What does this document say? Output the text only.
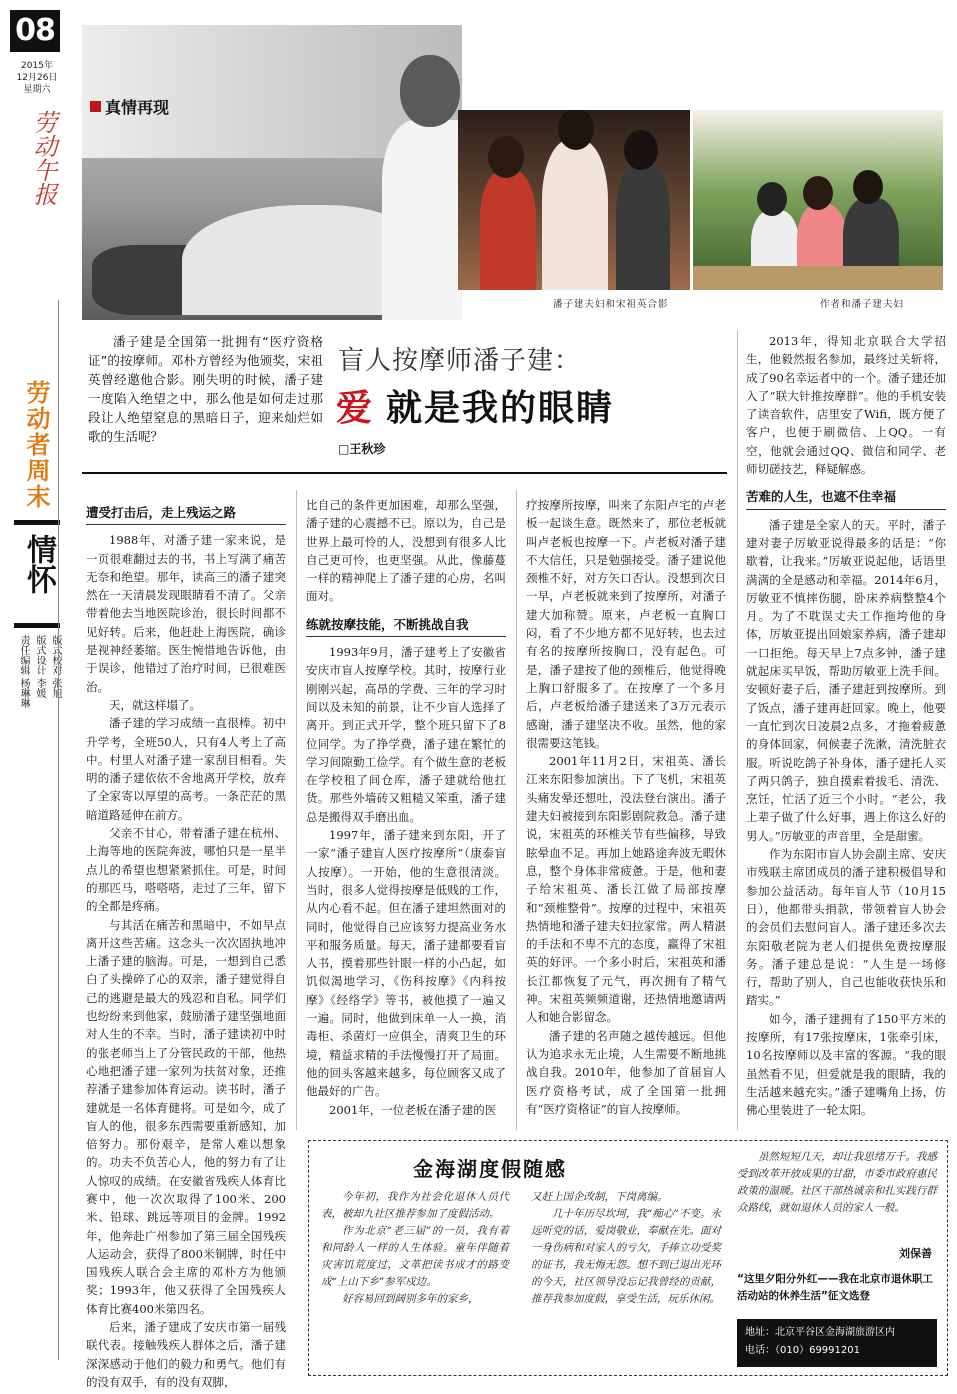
08
2015年
12月26日
星期六
劳动午报
劳动者周末
情怀
版式校对 张旭
版式设计 李媛
责任编辑 杨琳琳
真情再现
潘子建夫妇和宋祖英合影	作者和潘子建夫妇
潘子建是全国第一批拥有“医疗资格证”的按摩师。邓朴方曾经为他颁奖，宋祖英曾经邀他合影。刚失明的时候，潘子建一度陷入绝望之中，那么他是如何走过那段让人绝望窒息的黑暗日子，迎来灿烂如歌的生活呢？
盲人按摩师潘子建：
爱 就是我的眼睛
□王秋珍
遭受打击后，走上残运之路

1988年，对潘子建一家来说，是一页很难翻过去的书，书上写满了痛苦无奈和绝望。那年，读高三的潘子建突然在一天清晨发现眼睛看不清了。父亲带着他去当地医院诊治，很长时间都不见好转。后来，他赶赴上海医院，确诊是视神经萎缩。医生惋惜地告诉他，由于误诊，他错过了治疗时间，已很难医治。

天，就这样塌了。

潘子建的学习成绩一直很棒。初中升学考，全班50人，只有4人考上了高中。村里人对潘子建一家刮目相看。失明的潘子建依依不舍地离开学校，放弃了全家寄以厚望的高考。一条茫茫的黑暗道路延伸在前方。

父亲不甘心，带着潘子建在杭州、上海等地的医院奔波，哪怕只是一星半点儿的希望也想紧紧抓住。可是，时间的那匹马，嗒嗒嗒，走过了三年，留下的全都是疼痛。

与其活在痛苦和黑暗中，不如早点离开这些苦痛。这念头一次次固执地冲上潘子建的脑海。可是，一想到自己悉白了头操碎了心的双亲，潘子建觉得自己的逃避是最大的残忍和自私。同学们也纷纷来到他家，鼓励潘子建坚强地面对人生的不幸。当时，潘子建读初中时的张老师当上了分管民政的干部，他热心地把潘子建一家列为扶贫对象，还推荐潘子建参加体育运动。读书时，潘子建就是一名体育健将。可是如今，成了盲人的他，很多东西需要重新感知，加倍努力。那份艰辛，是常人难以想象的。功夫不负苦心人，他的努力有了让人惊叹的成绩。在安徽省残疾人体育比赛中，他一次次取得了100米、200米、铅球、跳远等项目的金牌。1992年，他奔赴广州参加了第三届全国残疾人运动会，获得了800米铜牌，时任中国残疾人联合会主席的邓朴方为他颁奖；1993年，他又获得了全国残疾人体育比赛400米第四名。

后来，潘子建成了安庆市第一届残联代表。接触残疾人群体之后，潘子建深深感动于他们的毅力和勇气。他们有的没有双手，有的没有双脚，

比自己的条件更加困难，却那么坚强，潘子建的心震撼不已。原以为，自己是世界上最可怜的人，没想到有很多人比自己更可怜，也更坚强。从此，像藤蔓一样的精神爬上了潘子建的心房，名叫面对。

练就按摩技能，不断挑战自我

1993年9月，潘子建考上了安徽省安庆市盲人按摩学校。其时，按摩行业刚刚兴起，高昂的学费、三年的学习时间以及未知的前景，让不少盲人选择了离开。到正式开学，整个班只留下了8位同学。为了挣学费，潘子建在繁忙的学习间隙勤工俭学。有个做生意的老板在学校租了间仓库，潘子建就给他扛货。那些外墙砖又粗糙又笨重，潘子建总是搬得双手磨出血。

1997年，潘子建来到东阳，开了一家“潘子建盲人医疗按摩所”（康泰盲人按摩）。一开始，他的生意很清淡。当时，很多人觉得按摩是低贱的工作，从内心看不起。但在潘子建坦然面对的同时，他觉得自己应该努力提高业务水平和服务质量。每天，潘子建都要看盲人书，摸着那些针眼一样的小凸起，如饥似渴地学习，《伤科按摩》《内科按摩》《经络学》等书，被他摸了一遍又一遍。同时，他做到床单一人一换，消毒柜、杀菌灯一应俱全，清爽卫生的环境，精益求精的手法慢慢打开了局面。他的回头客越来越多，每位顾客又成了他最好的广告。

2001年，一位老板在潘子建的医

疗按摩所按摩，叫来了东阳卢宅的卢老板一起谈生意。既然来了，那位老板就叫卢老板也按摩一下。卢老板对潘子建不大信任，只是勉强接受。潘子建说他颈椎不好，对方矢口否认。没想到次日一早，卢老板就来到了按摩所，对潘子建大加称赞。原来，卢老板一直胸口闷，看了不少地方都不见好转，也去过有名的按摩所按胸口，没有起色。可是，潘子建按了他的颈椎后，他觉得晚上胸口舒服多了。在按摩了一个多月后，卢老板给潘子建送来了3万元表示感谢，潘子建坚决不收。虽然，他的家很需要这笔钱。

2001年11月2日，宋祖英、潘长江来东阳参加演出。下了飞机，宋祖英头痛发晕还想吐，没法登台演出。潘子建夫妇被接到东阳影剧院救急。潘子建说，宋祖英的环椎关节有些偏移，导致眩晕血不足。再加上她路途奔波无暇休息，整个身体非常疲惫。于是，他和妻子给宋祖英、潘长江做了局部按摩和“颈椎整骨”。按摩的过程中，宋祖英热情地和潘子建夫妇拉家常。两人精湛的手法和不卑不亢的态度，赢得了宋祖英的好评。一个多小时后，宋祖英和潘长江都恢复了元气，再次拥有了精气神。宋祖英频频道谢，还热情地邀请两人和她合影留念。

潘子建的名声随之越传越远。但他认为追求永无止境，人生需要不断地挑战自我。2010年，他参加了首届盲人医疗资格考试，成了全国第一批拥有“医疗资格证”的盲人按摩师。

2013年，得知北京联合大学招生，他毅然报名参加，最终过关斩将，成了90名幸运者中的一个。潘子建还加入了“联大针推按摩群”。他的手机安装了读音软件，店里安了Wifi，既方便了客户，也便于刷微信、上QQ。一有空，他就会通过QQ、微信和同学、老师切磋技艺，释疑解惑。

苦难的人生，也遮不住幸福

潘子建是全家人的天。平时，潘子建对妻子厉敏亚说得最多的话是：“你歇着，让我来。”厉敏亚说起他，话语里满满的全是感动和幸福。2014年6月，厉敏亚不慎摔伤腿，卧床养病整整4个月。为了不耽误丈夫工作拖垮他的身体，厉敏亚提出回娘家养病，潘子建却一口拒绝。每天早上7点多钟，潘子建就起床买早饭，帮助厉敏亚上洗手间。安顿好妻子后，潘子建赶到按摩所。到了饭点，潘子建再赶回家。晚上，他要一直忙到次日凌晨2点多，才拖着疲惫的身体回家，伺候妻子洗漱，清洗脏衣服。听说吃鸽子补身体，潘子建托人买了两只鸽子，独自摸索着拔毛、清洗、烹饪，忙活了近三个小时。“老公，我上辈子做了什么好事，遇上你这么好的男人。”厉敏亚的声音里，全是甜蜜。

作为东阳市盲人协会副主席、安庆市残联主席团成员的潘子建积极倡导和参加公益活动。每年盲人节（10月15日），他都带头捐款，带领着盲人协会的会员们去慰问盲人。潘子建还多次去东阳敬老院为老人们提供免费按摩服务。潘子建总是说：“人生是一场修行，帮助了别人，自己也能收获快乐和踏实。”

如今，潘子建拥有了150平方米的按摩所，有17张按摩床，1张牵引床，10名按摩师以及丰富的客源。“我的眼虽然看不见，但爱就是我的眼睛，我的生活越来越充实。”潘子建嘴角上扬，仿佛心里装进了一轮太阳。

金海湖度假随感

今年初，我作为社会化退休人员代表，被却九社区推荐参加了度假活动。

作为北京“老三届”的一员，我有着和同龄人一样的人生体验。童年伴随着灾害饥荒度过，文革把读书成才的路变成“上山下乡”参军戍边。

好容易回到阔别多年的家乡，

又赶上国企改制，下岗离编。

几十年历尽坎坷，我“痴心”不变。永远听党的话，爱岗敬业，奉献在先。面对一身伤病和对家人的亏欠，手捧立功受奖的证书，我无悔无怨。想不到已退出光环的今天，社区领导没忘记我曾经的贡献，推荐我参加度假，享受生活，玩乐休闲。

虽然短短几天，却让我思绪万千。我感受到改革开放成果的甘甜，市委市政府惠民政策的温暖。社区干部热诚亲和扎实践行群众路线，就如退休人员的家人一般。

刘保善
“这里夕阳分外红——我在北京市退休职工活动站的休养生活”征文选登
地址：北京平谷区金海湖旅游区内
电话：（010）69991201
